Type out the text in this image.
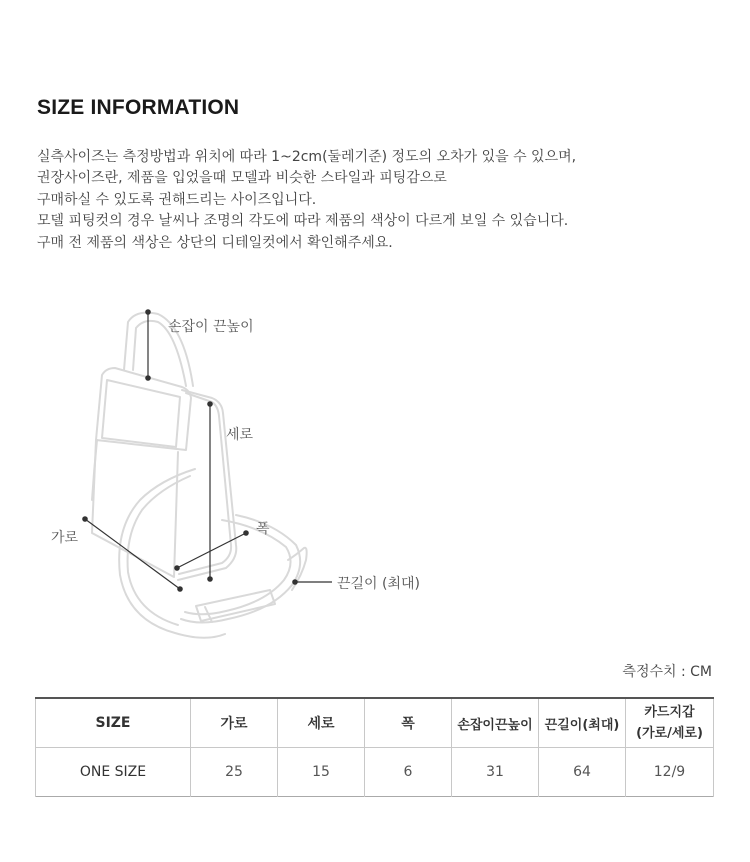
SIZE INFORMATION

실측사이즈는 측정방법과 위치에 따라 1~2cm(둘레기준) 정도의 오차가 있을 수 있으며,

권장사이즈란, 제품을 입었을때 모델과 비슷한 스타일과 피팅감으로

구매하실 수 있도록 권해드리는 사이즈입니다.

모델 피팅컷의 경우 날씨나 조명의 각도에 따라 제품의 색상이 다르게 보일 수 있습니다.

구매 전 제품의 색상은 상단의 디테일컷에서 확인해주세요.

손잡이 끈높이
세로
폭
가로
끈길이 (최대)
측정수치 : CM
SIZE	가로	세로	폭	손잡이끈높이	끈길이(최대)	카드지갑
(가로/세로)
ONE SIZE	25	15	6	31	64	12/9
